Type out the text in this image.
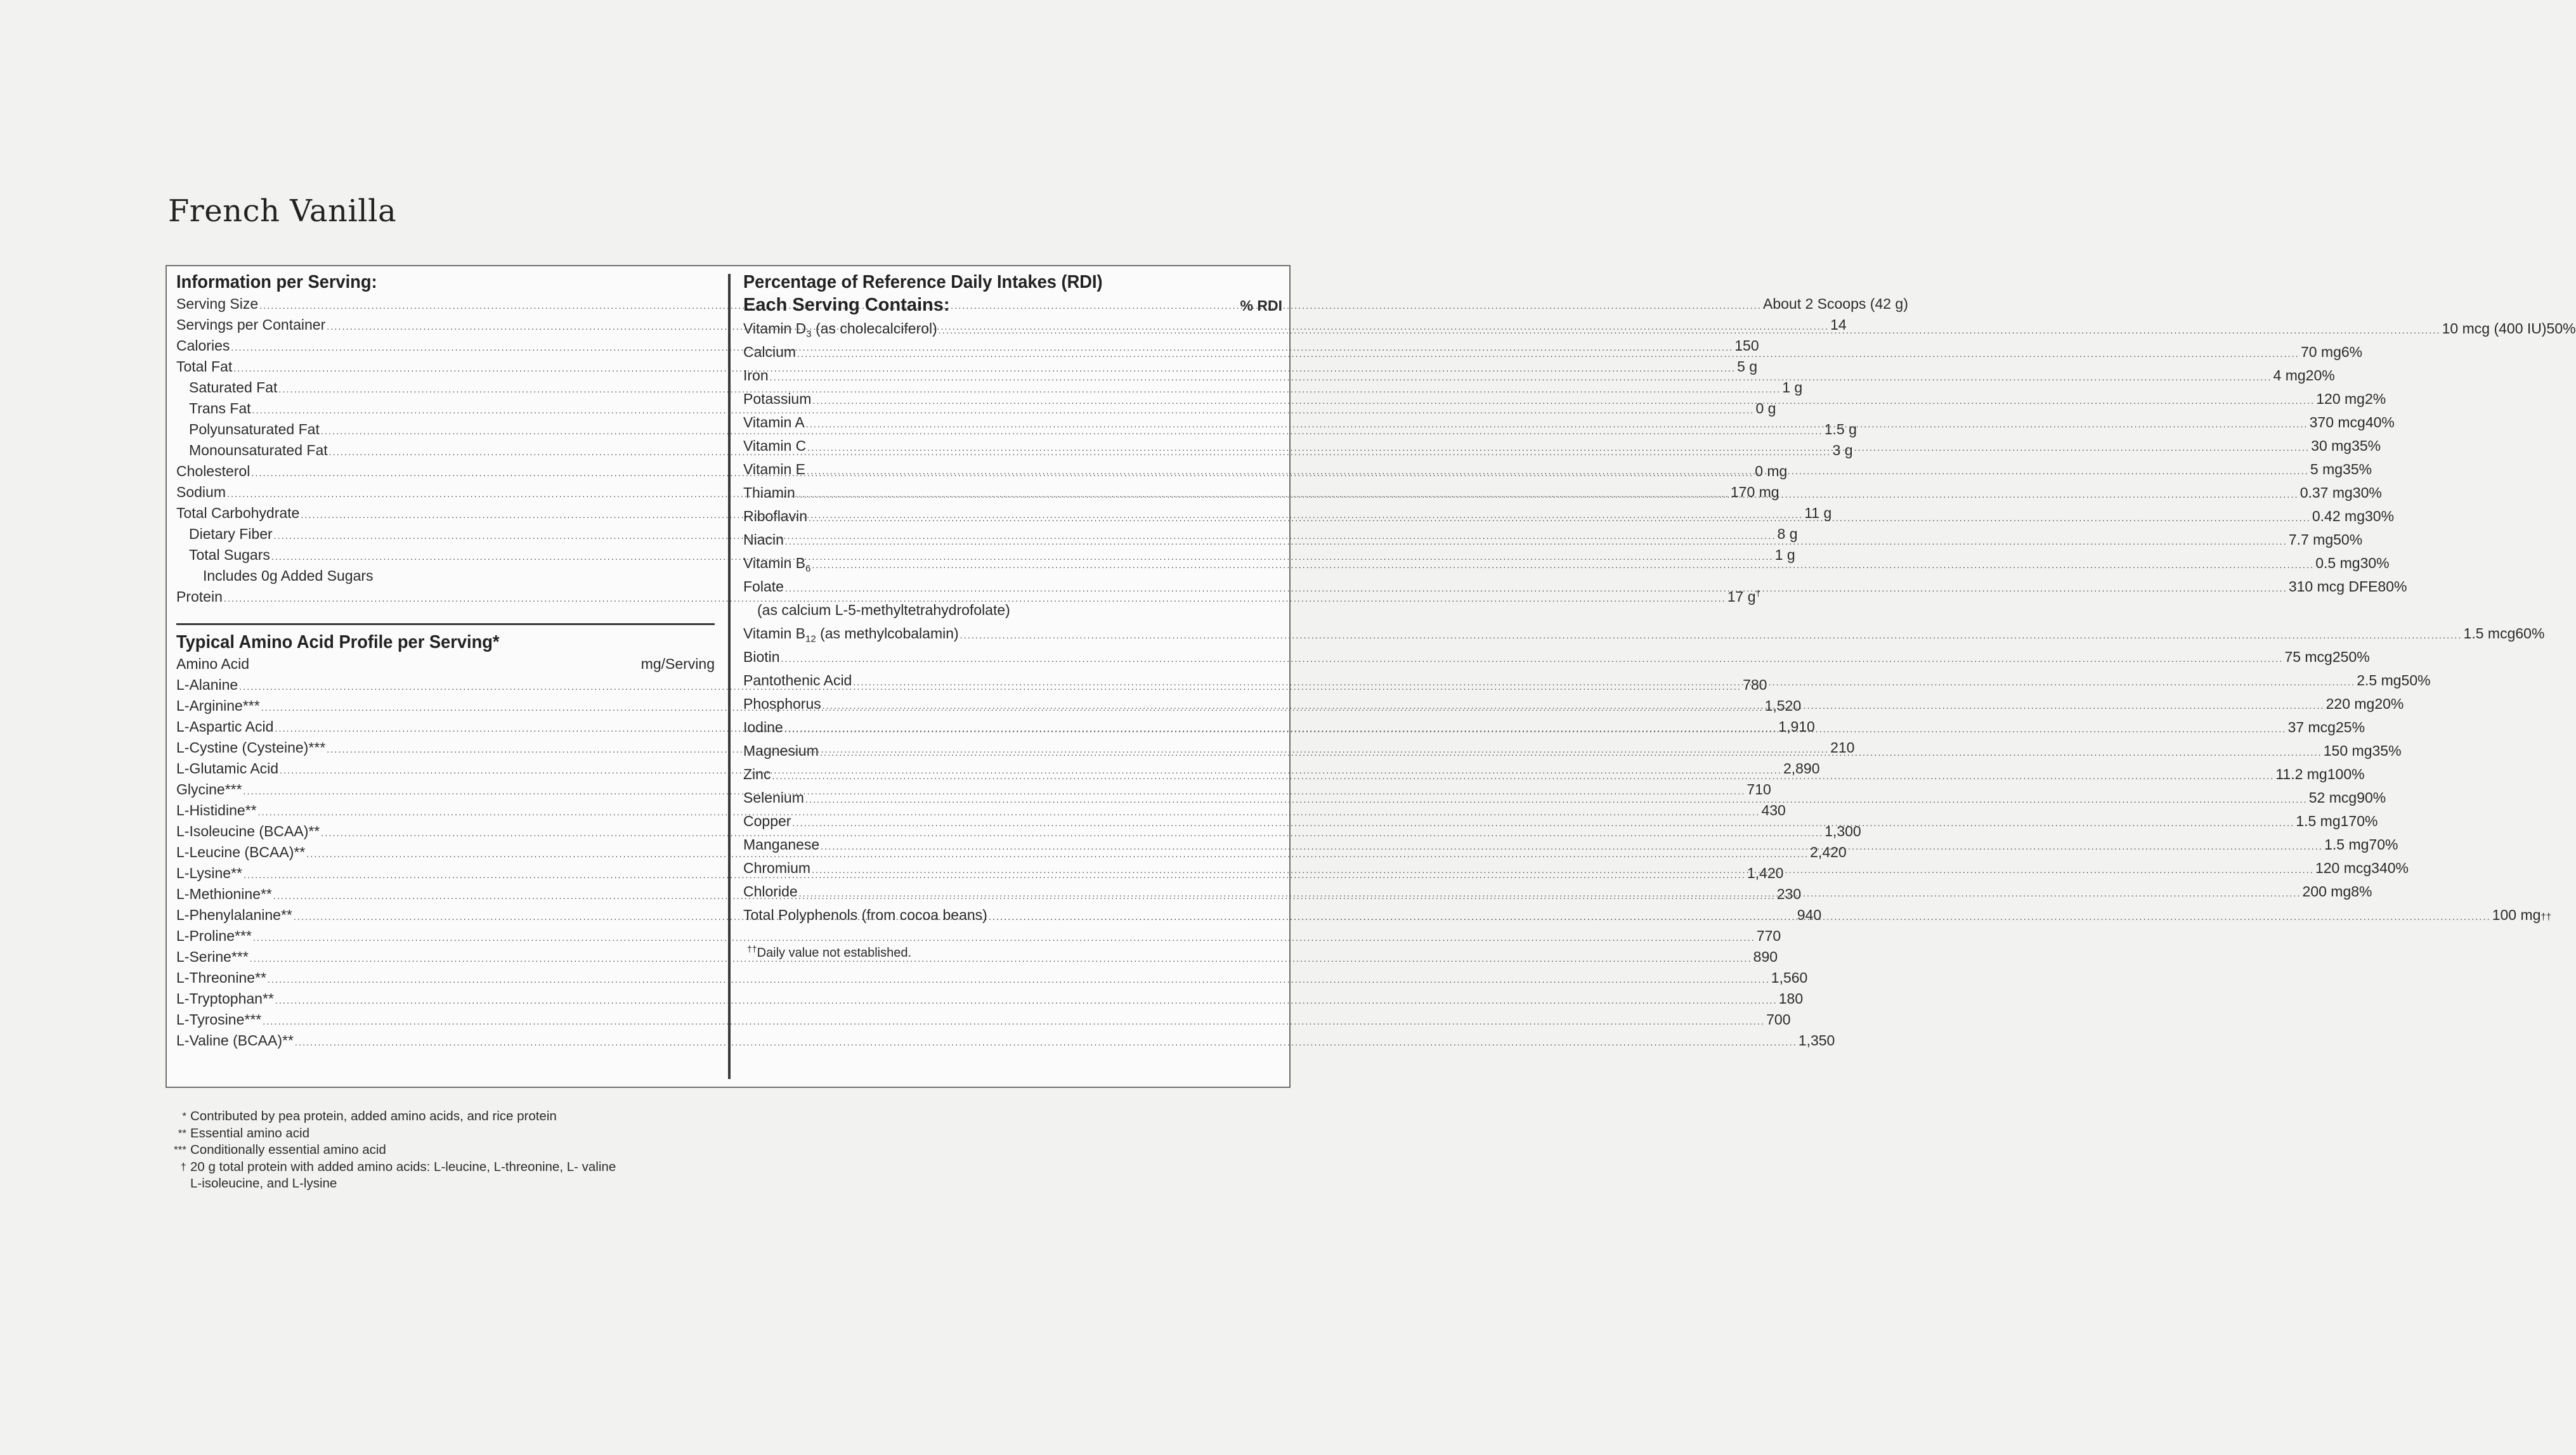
French Vanilla
Information per Serving:
Serving Size .....	About 2 Scoops (42 g)
Servings per Container .....	14
Calories .....	150
Total Fat .....	5 g
Saturated Fat .....	1 g
Trans Fat .....	0 g
Polyunsaturated Fat .....	1.5 g
Monounsaturated Fat .....	3 g
Cholesterol .....	0 mg
Sodium .....	170 mg
Total Carbohydrate .....	11 g
Dietary Fiber .....	8 g
Total Sugars .....	1 g
Includes 0g Added Sugars
Protein .....	17 g†
Typical Amino Acid Profile per Serving*
Amino Acid	mg/Serving
L-Alanine .....	780
L-Arginine*** .....	1,520
L-Aspartic Acid .....	1,910
L-Cystine (Cysteine)*** .....	210
L-Glutamic Acid .....	2,890
Glycine*** .....	710
L-Histidine** .....	430
L-Isoleucine (BCAA)** .....	1,300
L-Leucine (BCAA)** .....	2,420
L-Lysine** .....	1,420
L-Methionine** .....	230
L-Phenylalanine** .....	940
L-Proline*** .....	770
L-Serine*** .....	890
L-Threonine** .....	1,560
L-Tryptophan** .....	180
L-Tyrosine*** .....	700
L-Valine (BCAA)** .....	1,350
Percentage of Reference Daily Intakes (RDI)
Each Serving Contains:	% RDI
Vitamin $D_3$ (as cholecalciferol) .....	10 mcg (400 IU) 50%
Calcium .....	70 mg 6%
Iron .....	4 mg 20%
Potassium .....	120 mg 2%
Vitamin A .....	370 mcg 40%
Vitamin C .....	30 mg 35%
Vitamin E .....	5 mg 35%
Thiamin .....	0.37 mg 30%
Riboflavin .....	0.42 mg 30%
Niacin .....	7.7 mg 50%
Vitamin $B_6$ .....	0.5 mg 30%
Folate .....	310 mcg DFE 80%
(as calcium L-5-methyltetrahydrofolate)
Vitamin $B_{12}$ (as methylcobalamin) .....	1.5 mcg 60%
Biotin .....	75 mcg 250%
Pantothenic Acid .....	2.5 mg 50%
Phosphorus .....	220 mg 20%
Iodine .....	37 mcg 25%
Magnesium .....	150 mg 35%
Zinc .....	11.2 mg 100%
Selenium .....	52 mcg 90%
Copper .....	1.5 mg 170%
Manganese .....	1.5 mg 70%
Chromium .....	120 mcg 340%
Chloride .....	200 mg 8%
Total Polyphenols (from cocoa beans) .....	100 mg ††
††Daily value not established.
* Contributed by pea protein, added amino acids, and rice protein
** Essential amino acid
*** Conditionally essential amino acid
† 20 g total protein with added amino acids: L-leucine, L-threonine, L- valine
L-isoleucine, and L-lysine
